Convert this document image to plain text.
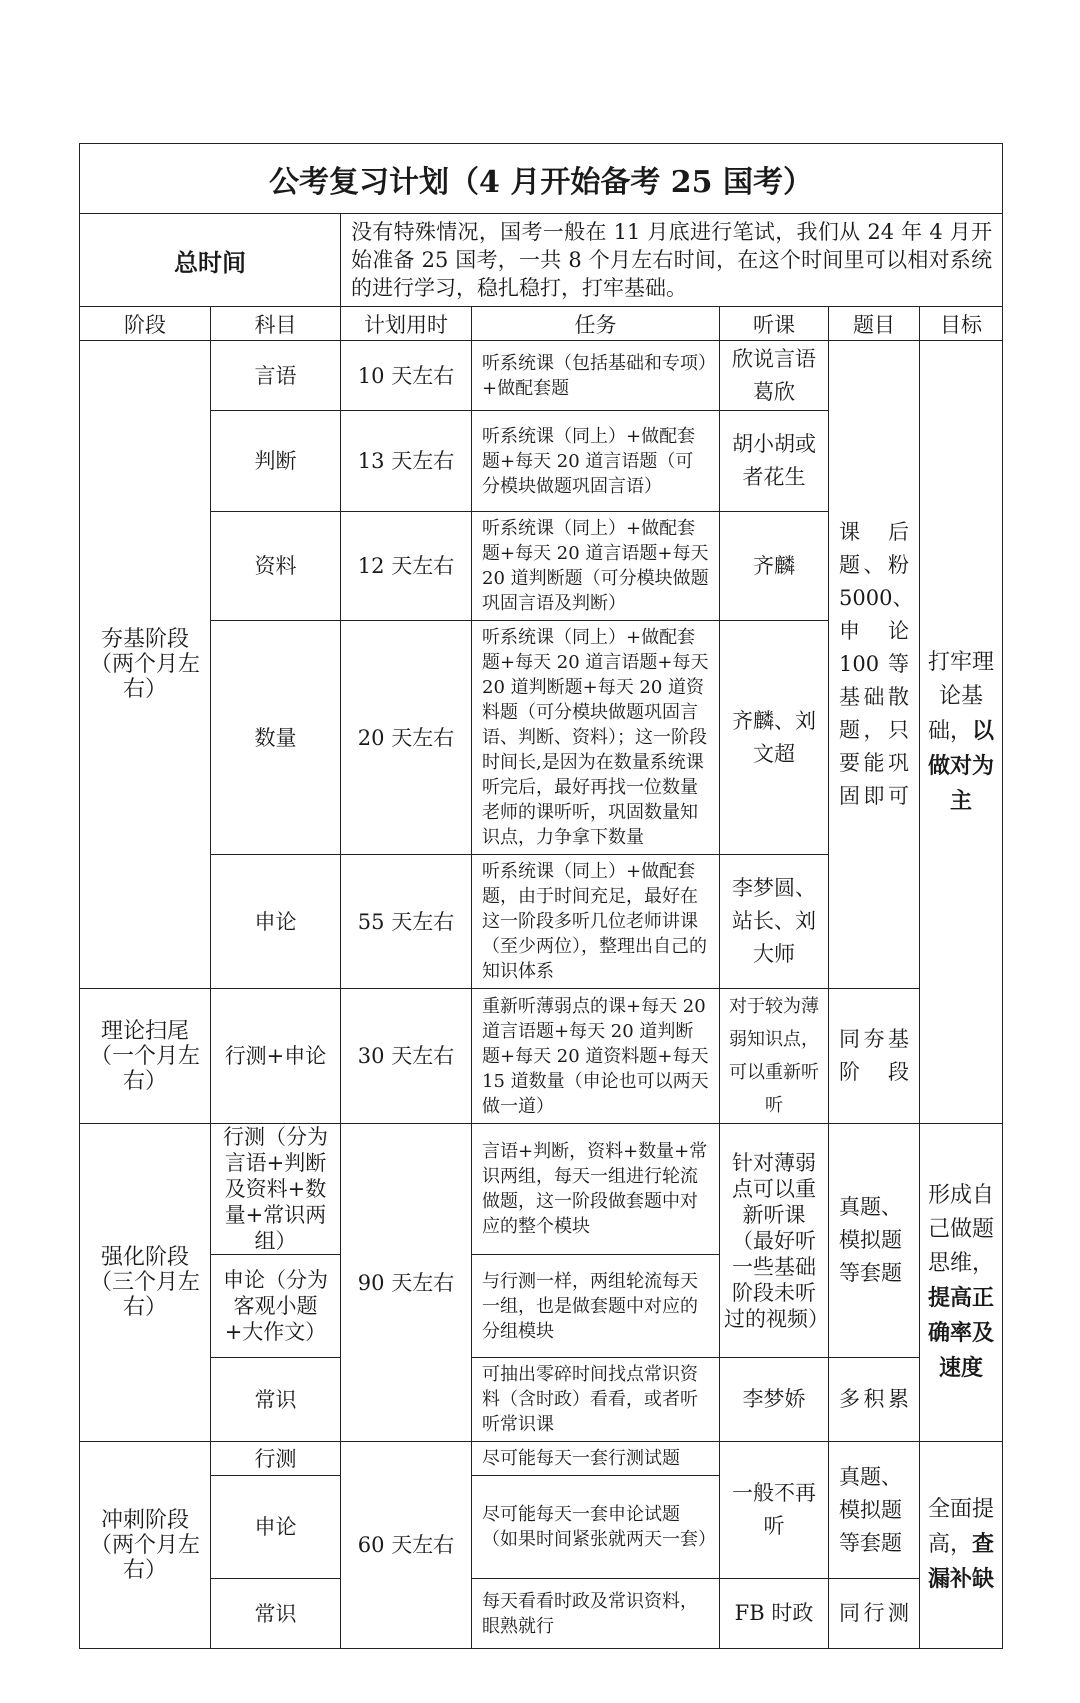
公考复习计划（4 月开始备考 25 国考）						
总时间		没有特殊情况，国考一般在 11 月底进行笔试，我们从 24 年 4 月开始准备 25 国考，一共 8 个月左右时间，在这个时间里可以相对系统的进行学习，稳扎稳打，打牢基础。				
阶段	科目	计划用时	任务	听课	题目	目标
夯基阶段（两个月左右）	言语	10 天左右	听系统课（包括基础和专项）+做配套题	欣说言语葛欣	课后题、粉 5000、申论 100 等基础散题，只要能巩固即可	打牢理论基础，以做对为主
	判断	13 天左右	听系统课（同上）+做配套题+每天 20 道言语题（可分模块做题巩固言语）	胡小胡或者花生		
	资料	12 天左右	听系统课（同上）+做配套题+每天 20 道言语题+每天 20 道判断题（可分模块做题巩固言语及判断）	齐麟		
	数量	20 天左右	听系统课（同上）+做配套题+每天 20 道言语题+每天 20 道判断题+每天 20 道资料题（可分模块做题巩固言语、判断、资料）；这一阶段时间长,是因为在数量系统课听完后，最好再找一位数量老师的课听听，巩固数量知识点，力争拿下数量	齐麟、刘文超		
	申论	55 天左右	听系统课（同上）+做配套题，由于时间充足，最好在这一阶段多听几位老师讲课（至少两位），整理出自己的知识体系	李梦圆、站长、刘大师		
理论扫尾（一个月左右）	行测+申论	30 天左右	重新听薄弱点的课+每天 20 道言语题+每天 20 道判断题+每天 20 道资料题+每天 15 道数量（申论也可以两天做一道）	对于较为薄弱知识点，可以重新听听	同夯基阶段	
强化阶段（三个月左右）	行测（分为言语+判断及资料+数量+常识两组）	90 天左右	言语+判断，资料+数量+常识两组，每天一组进行轮流做题，这一阶段做套题中对应的整个模块	针对薄弱点可以重新听课（最好听一些基础阶段未听过的视频）	真题、模拟题等套题	形成自己做题思维，提高正确率及速度
	申论（分为客观小题+大作文）		与行测一样，两组轮流每天一组，也是做套题中对应的分组模块			
	常识		可抽出零碎时间找点常识资料（含时政）看看，或者听听常识课	李梦娇	多积累	
冲刺阶段（两个月左右）	行测	60 天左右	尽可能每天一套行测试题	一般不再听	真题、模拟题等套题	全面提高，查漏补缺
	申论		尽可能每天一套申论试题（如果时间紧张就两天一套）			
	常识		每天看看时政及常识资料，眼熟就行	FB 时政	同行测	
